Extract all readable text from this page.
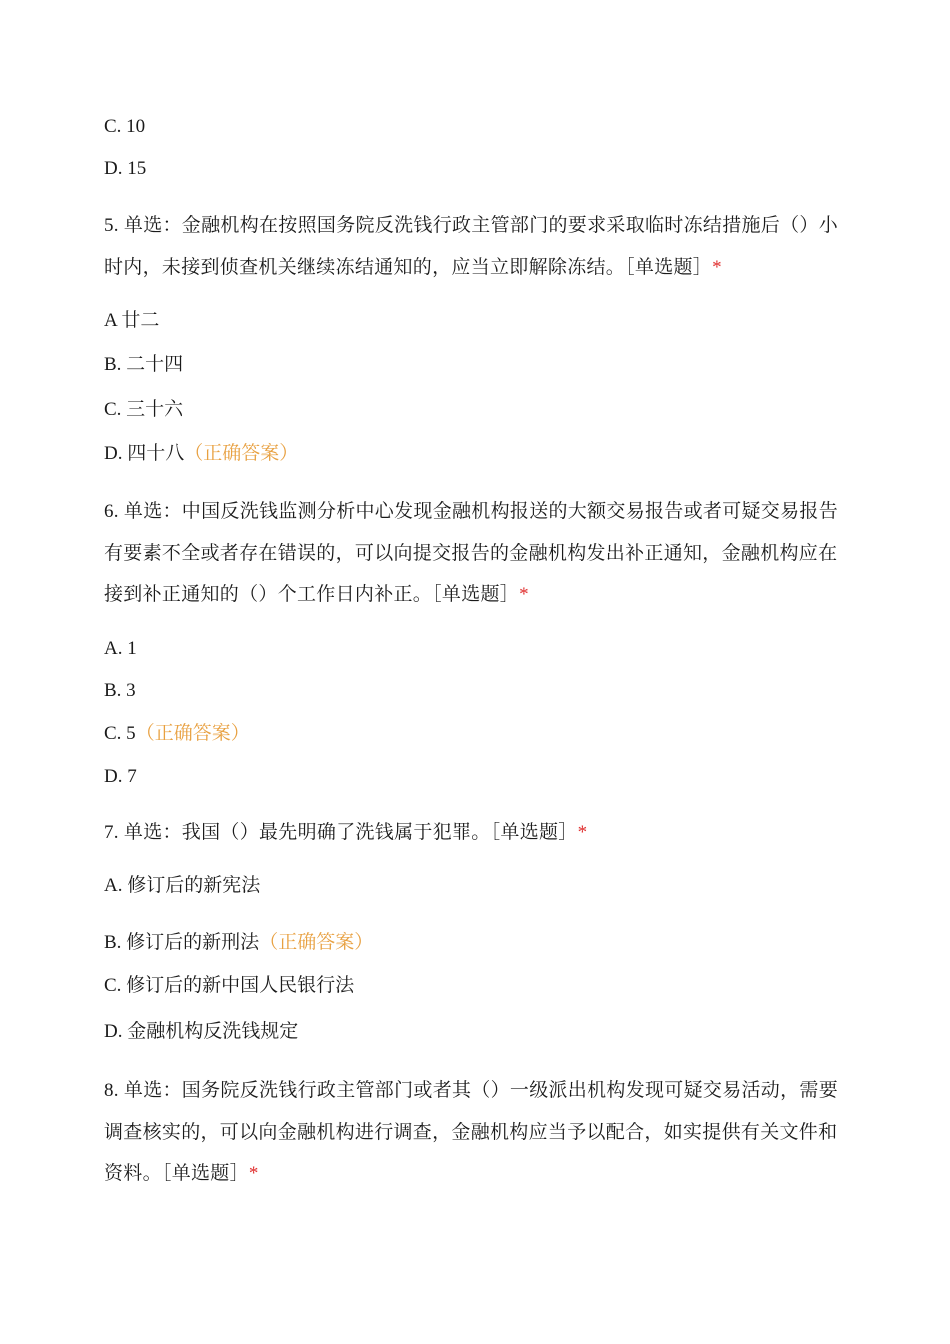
C. 10
D. 15
5. 单选：金融机构在按照国务院反洗钱行政主管部门的要求采取临时冻结措施后（）小时内，未接到侦查机关继续冻结通知的，应当立即解除冻结。［单选题］*
A 廿二
B. 二十四
C. 三十六
D. 四十八（正确答案）
6. 单选：中国反洗钱监测分析中心发现金融机构报送的大额交易报告或者可疑交易报告有要素不全或者存在错误的，可以向提交报告的金融机构发出补正通知，金融机构应在接到补正通知的（）个工作日内补正。［单选题］*
A. 1
B. 3
C. 5（正确答案）
D. 7
7. 单选：我国（）最先明确了洗钱属于犯罪。［单选题］*
A. 修订后的新宪法
B. 修订后的新刑法（正确答案）
C. 修订后的新中国人民银行法
D. 金融机构反洗钱规定
8. 单选：国务院反洗钱行政主管部门或者其（）一级派出机构发现可疑交易活动，需要调查核实的，可以向金融机构进行调查，金融机构应当予以配合，如实提供有关文件和资料。［单选题］*
